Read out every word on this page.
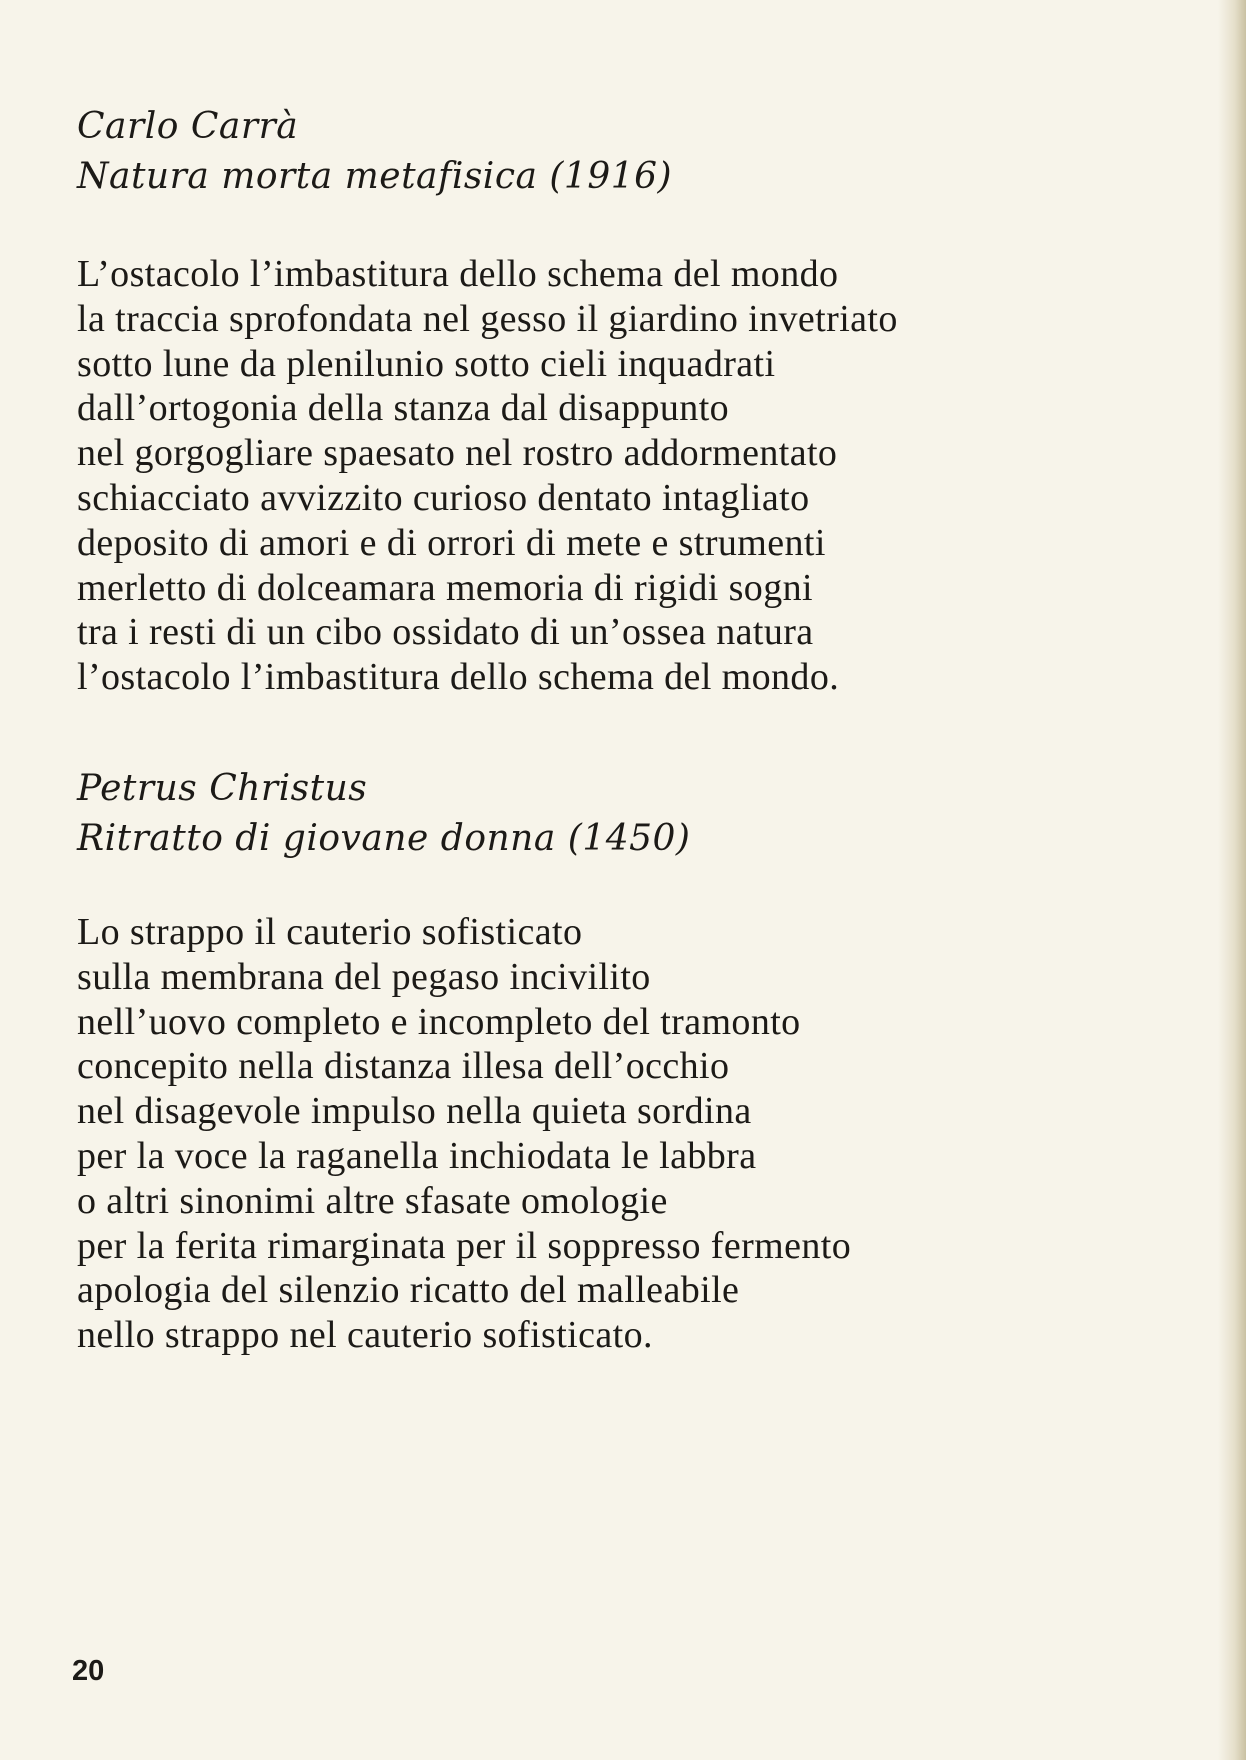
Carlo Carrà
Natura morta metafisica (1916)
L’ostacolo l’imbastitura dello schema del mondo
la traccia sprofondata nel gesso il giardino invetriato
sotto lune da plenilunio sotto cieli inquadrati
dall’ortogonia della stanza dal disappunto
nel gorgogliare spaesato nel rostro addormentato
schiacciato avvizzito curioso dentato intagliato
deposito di amori e di orrori di mete e strumenti
merletto di dolceamara memoria di rigidi sogni
tra i resti di un cibo ossidato di un’ossea natura
l’ostacolo l’imbastitura dello schema del mondo.
Petrus Christus
Ritratto di giovane donna (1450)
Lo strappo il cauterio sofisticato
sulla membrana del pegaso incivilito
nell’uovo completo e incompleto del tramonto
concepito nella distanza illesa dell’occhio
nel disagevole impulso nella quieta sordina
per la voce la raganella inchiodata le labbra
o altri sinonimi altre sfasate omologie
per la ferita rimarginata per il soppresso fermento
apologia del silenzio ricatto del malleabile
nello strappo nel cauterio sofisticato.
20
